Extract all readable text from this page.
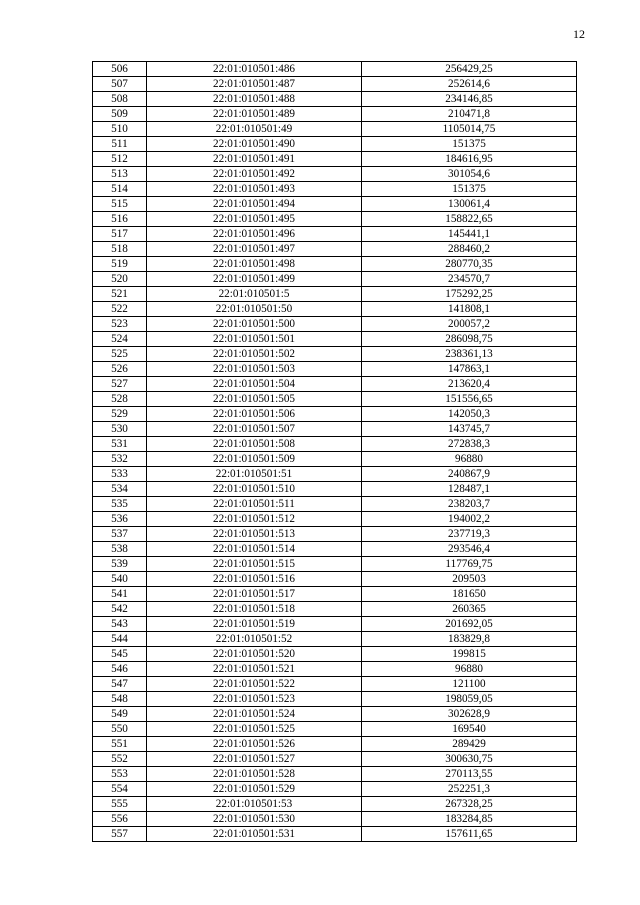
12
506	22:01:010501:486	256429,25
507	22:01:010501:487	252614,6
508	22:01:010501:488	234146,85
509	22:01:010501:489	210471,8
510	22:01:010501:49	1105014,75
511	22:01:010501:490	151375
512	22:01:010501:491	184616,95
513	22:01:010501:492	301054,6
514	22:01:010501:493	151375
515	22:01:010501:494	130061,4
516	22:01:010501:495	158822,65
517	22:01:010501:496	145441,1
518	22:01:010501:497	288460,2
519	22:01:010501:498	280770,35
520	22:01:010501:499	234570,7
521	22:01:010501:5	175292,25
522	22:01:010501:50	141808,1
523	22:01:010501:500	200057,2
524	22:01:010501:501	286098,75
525	22:01:010501:502	238361,13
526	22:01:010501:503	147863,1
527	22:01:010501:504	213620,4
528	22:01:010501:505	151556,65
529	22:01:010501:506	142050,3
530	22:01:010501:507	143745,7
531	22:01:010501:508	272838,3
532	22:01:010501:509	96880
533	22:01:010501:51	240867,9
534	22:01:010501:510	128487,1
535	22:01:010501:511	238203,7
536	22:01:010501:512	194002,2
537	22:01:010501:513	237719,3
538	22:01:010501:514	293546,4
539	22:01:010501:515	117769,75
540	22:01:010501:516	209503
541	22:01:010501:517	181650
542	22:01:010501:518	260365
543	22:01:010501:519	201692,05
544	22:01:010501:52	183829,8
545	22:01:010501:520	199815
546	22:01:010501:521	96880
547	22:01:010501:522	121100
548	22:01:010501:523	198059,05
549	22:01:010501:524	302628,9
550	22:01:010501:525	169540
551	22:01:010501:526	289429
552	22:01:010501:527	300630,75
553	22:01:010501:528	270113,55
554	22:01:010501:529	252251,3
555	22:01:010501:53	267328,25
556	22:01:010501:530	183284,85
557	22:01:010501:531	157611,65
